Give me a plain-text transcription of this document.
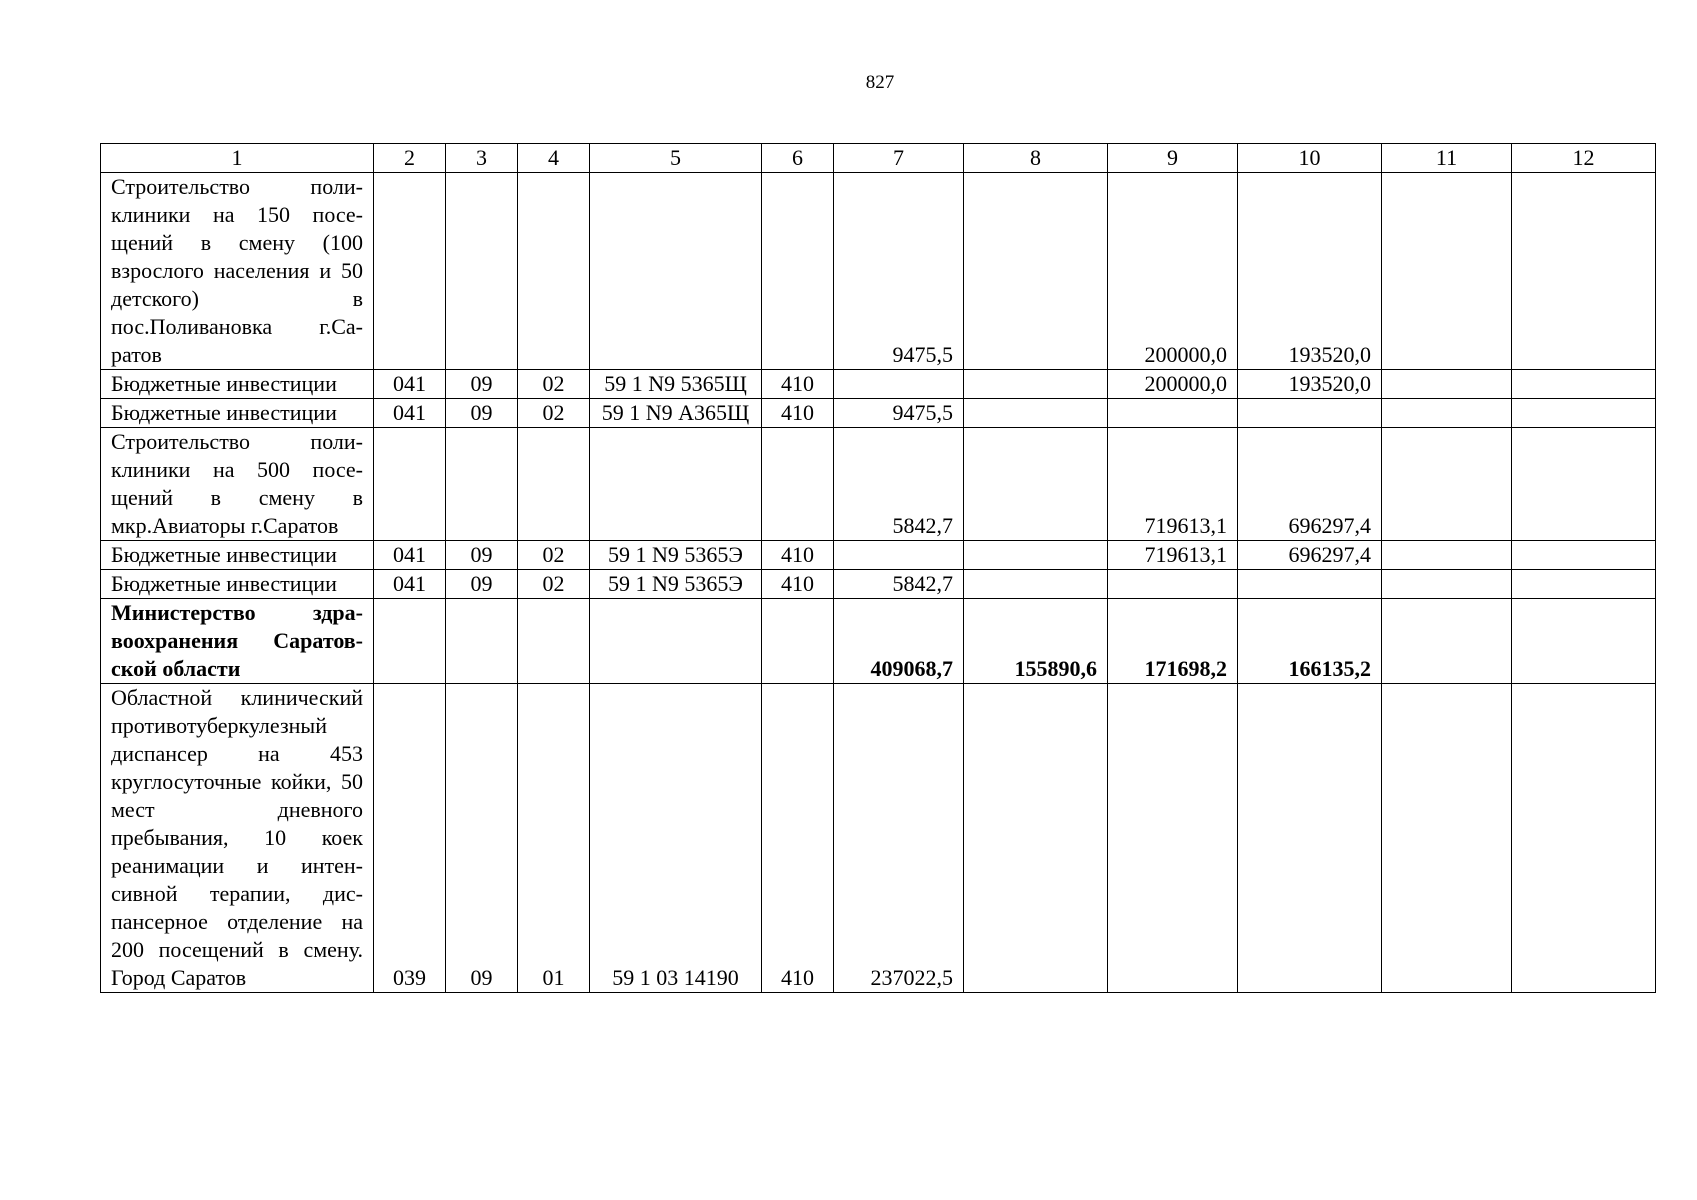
827
1	2	3	4	5	6	7	8	9	10	11	12
Строительство поликлиники на 150 посещений в смену (100 взрослого населения и 50 детского) в пос.Поливановка г.Саратов						9475,5		200000,0	193520,0		
Бюджетные инвестиции	041	09	02	59 1 N9 5365Щ	410			200000,0	193520,0		
Бюджетные инвестиции	041	09	02	59 1 N9 А365Щ	410	9475,5					
Строительство поликлиники на 500 посещений в смену в мкр.Авиаторы г.Саратов						5842,7		719613,1	696297,4		
Бюджетные инвестиции	041	09	02	59 1 N9 5365Э	410			719613,1	696297,4		
Бюджетные инвестиции	041	09	02	59 1 N9 5365Э	410	5842,7					
Министерство здравоохранения Саратовской области						409068,7	155890,6	171698,2	166135,2		
Областной клинический противотуберкулезный диспансер на 453 круглосуточные койки, 50 мест дневного пребывания, 10 коек реанимации и интенсивной терапии, диспансерное отделение на 200 посещений в смену. Город Саратов	039	09	01	59 1 03 14190	410	237022,5					
